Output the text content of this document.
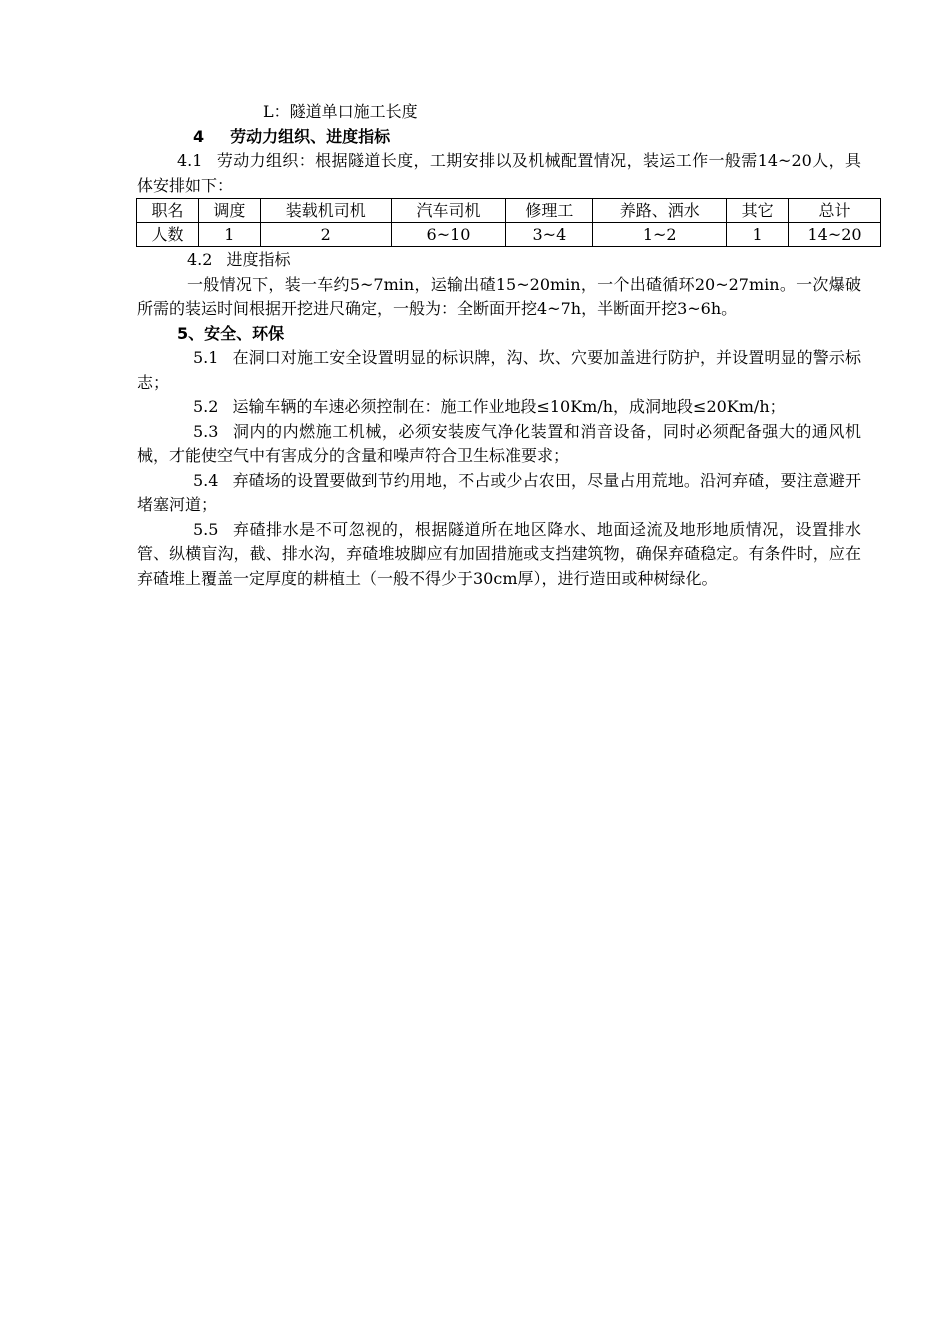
L：隧道单口施工长度

4 劳动力组织、进度指标

4.1 劳动力组织：根据隧道长度，工期安排以及机械配置情况，装运工作一般需14~20人，具体安排如下：

职名	调度	装载机司机	汽车司机	修理工	养路、洒水	其它	总计
人数	1	2	6~10	3~4	1~2	1	14~20

4.2 进度指标

一般情况下，装一车约5~7min，运输出碴15~20min，一个出碴循环20~27min。一次爆破所需的装运时间根据开挖进尺确定，一般为：全断面开挖4~7h，半断面开挖3~6h。

5、安全、环保

5.1 在洞口对施工安全设置明显的标识牌，沟、坎、穴要加盖进行防护，并设置明显的警示标志；

5.2 运输车辆的车速必须控制在：施工作业地段≤10Km/h，成洞地段≤20Km/h；

5.3 洞内的内燃施工机械，必须安装废气净化装置和消音设备，同时必须配备强大的通风机械，才能使空气中有害成分的含量和噪声符合卫生标准要求；

5.4 弃碴场的设置要做到节约用地，不占或少占农田，尽量占用荒地。沿河弃碴，要注意避开堵塞河道；

5.5 弃碴排水是不可忽视的，根据隧道所在地区降水、地面迳流及地形地质情况，设置排水管、纵横盲沟，截、排水沟，弃碴堆坡脚应有加固措施或支挡建筑物，确保弃碴稳定。有条件时，应在弃碴堆上覆盖一定厚度的耕植土（一般不得少于30cm厚），进行造田或种树绿化。
